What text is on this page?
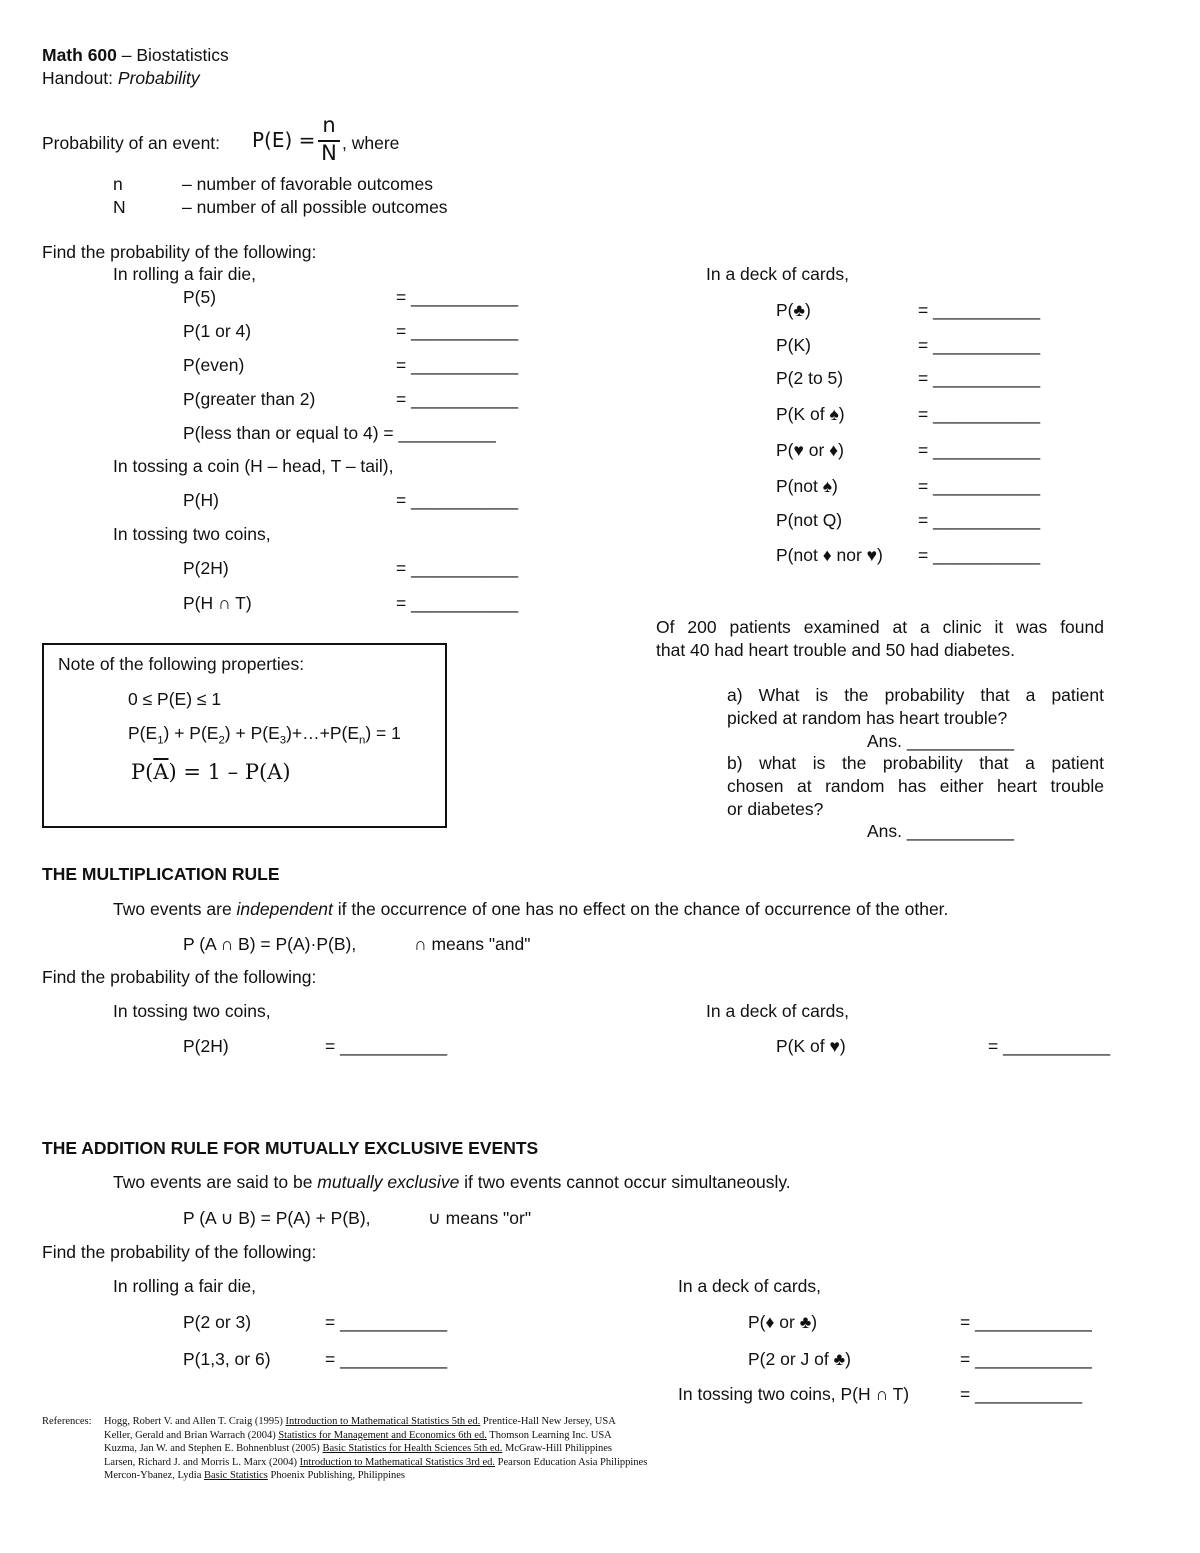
Math 600 – Biostatistics
Handout: Probability
Probability of an event: P(E) =
n
N , where
n	– number of favorable outcomes
N	– number of all possible outcomes
Find the probability of the following:
In rolling a fair die,
P(5)	= ___________
P(1 or 4)	= ___________
P(even)	= ___________
P(greater than 2)	= ___________
P(less than or equal to 4) = __________
In tossing a coin (H – head, T – tail),
P(H)	= ___________
In tossing two coins,
P(2H)	= ___________
P(H ∩ T)	= ___________
In a deck of cards,
P(♣)	= ___________
P(K)	= ___________
P(2 to 5)	= ___________
P(K of ♠)	= ___________
P(♥ or ♦)	= ___________
P(not ♠)	= ___________
P(not Q)	= ___________
P(not ♦ nor ♥) = ___________
Note of the following properties:
0 ≤ P(E) ≤ 1
$P(E_1) + P(E_2)$ + $P(E_3)+\dots+P(E_n) = 1$
$P(\overline{A}) = 1 - P(A)$
Of 200 patients examined at a clinic it was found
that 40 had heart trouble and 50 had diabetes.
a) What is the probability that a patient
picked at random has heart trouble?
Ans. ___________
b) what is the probability that a patient
chosen at random has either heart trouble
or diabetes?
Ans. ___________
THE MULTIPLICATION RULE
Two events are independent if the occurrence of one has no effect on the chance of occurrence of the other.
P (A ∩ B) = P(A)·P(B),	∩ means "and"
Find the probability of the following:
In tossing two coins,
P(2H)	= ___________
In a deck of cards,
P(K of ♥)	= ___________
THE ADDITION RULE FOR MUTUALLY EXCLUSIVE EVENTS
Two events are said to be mutually exclusive if two events cannot occur simultaneously.
P (A ∪ B) = P(A) + P(B),	∪ means "or"
Find the probability of the following:
In rolling a fair die,
P(2 or 3)	= ___________
P(1,3, or 6)	= ___________
In a deck of cards,
P(♦ or ♣)	= ____________
P(2 or J of ♣)	= ____________
In tossing two coins, P(H ∩ T)	= ___________
References: Hogg, Robert V. and Allen T. Craig (1995) Introduction to Mathematical Statistics 5th ed. Prentice-Hall New Jersey, USA
Keller, Gerald and Brian Warrach (2004) Statistics for Management and Economics 6th ed. Thomson Learning Inc. USA
Kuzma, Jan W. and Stephen E. Bohnenblust (2005) Basic Statistics for Health Sciences 5th ed. McGraw-Hill Philippines
Larsen, Richard J. and Morris L. Marx (2004) Introduction to Mathematical Statistics 3rd ed. Pearson Education Asia Philippines
Mercon-Ybanez, Lydia Basic Statistics Phoenix Publishing, Philippines
